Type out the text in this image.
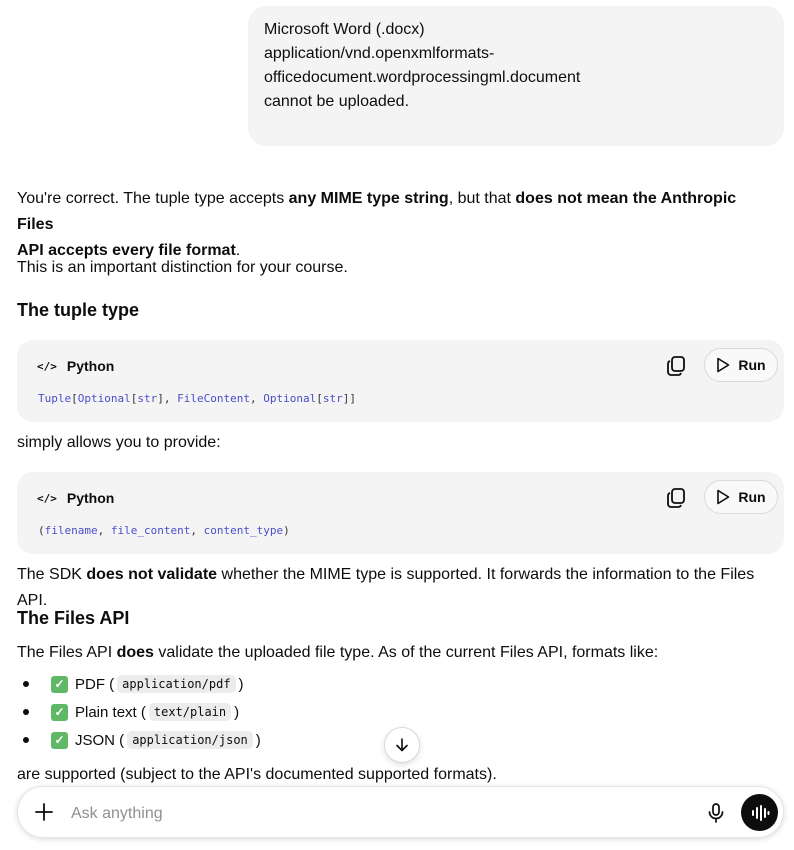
Microsoft Word (.docx)
application/vnd.openxmlformats-
officedocument.wordprocessingml.document
cannot be uploaded.
You're correct. The tuple type accepts any MIME type string, but that does not mean the Anthropic Files
API accepts every file format.
This is an important distinction for your course.
The tuple type
</> Python	Run
Tuple[Optional[str], FileContent, Optional[str]]
simply allows you to provide:
</> Python	Run
(filename, file_content, content_type)
The SDK does not validate whether the MIME type is supported. It forwards the information to the Files API.
The Files API
The Files API does validate the uploaded file type. As of the current Files API, formats like:
✓ PDF ( application/pdf )
✓ Plain text ( text/plain )
✓ JSON ( application/json )
are supported (subject to the API's documented supported formats).
Ask anything
